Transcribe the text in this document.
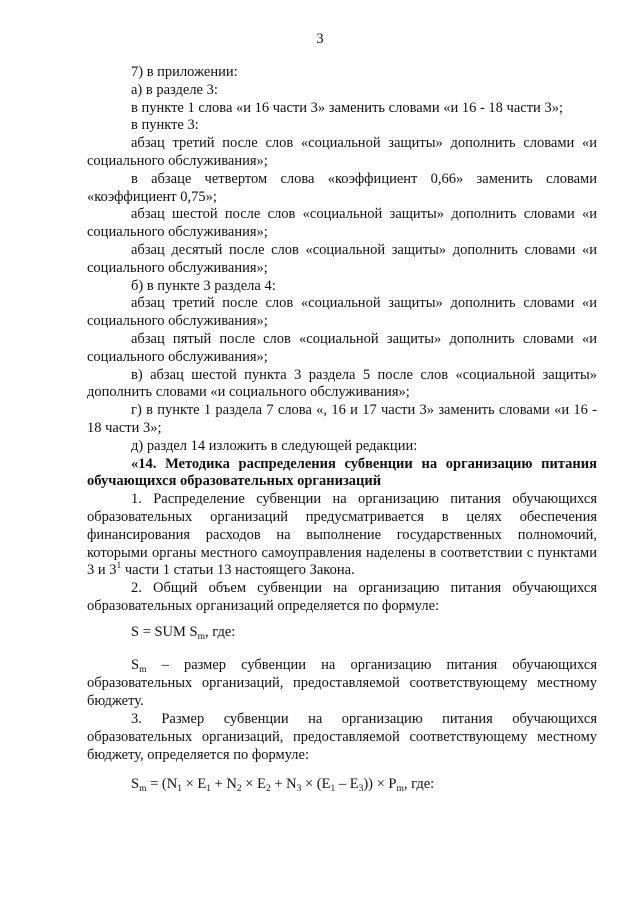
3

7) в приложении:

а) в разделе 3:

в пункте 1 слова «и 16 части 3» заменить словами «и 16 - 18 части 3»;

в пункте 3:

абзац третий после слов «социальной защиты» дополнить словами «и социального обслуживания»;

в абзаце четвертом слова «коэффициент 0,66» заменить словами «коэффициент 0,75»;

абзац шестой после слов «социальной защиты» дополнить словами «и социального обслуживания»;

абзац десятый после слов «социальной защиты» дополнить словами «и социального обслуживания»;

б) в пункте 3 раздела 4:

абзац третий после слов «социальной защиты» дополнить словами «и социального обслуживания»;

абзац пятый после слов «социальной защиты» дополнить словами «и социального обслуживания»;

в) абзац шестой пункта 3 раздела 5 после слов «социальной защиты» дополнить словами «и социального обслуживания»;

г) в пункте 1 раздела 7 слова «, 16 и 17 части 3» заменить словами «и 16 - 18 части 3»;

д) раздел 14 изложить в следующей редакции:

«14. Методика распределения субвенции на организацию питания обучающихся образовательных организаций

1. Распределение субвенции на организацию питания обучающихся образовательных организаций предусматривается в целях обеспечения финансирования расходов на выполнение государственных полномочий, которыми органы местного самоуправления наделены в соответствии с пунктами 3 и $3^1$ части 1 статьи 13 настоящего Закона.

2. Общий объем субвенции на организацию питания обучающихся образовательных организаций определяется по формуле:

S = SUM $S_m$, где:

$S_m$ – размер субвенции на организацию питания обучающихся образовательных организаций, предоставляемой соответствующему местному бюджету.

3. Размер субвенции на организацию питания обучающихся образовательных организаций, предоставляемой соответствующему местному бюджету, определяется по формуле:

$S_m = (N_1 \times E_1 + N_2 \times E_2 + N_3 \times (E_1 - E_3)) \times P_m$, где:
